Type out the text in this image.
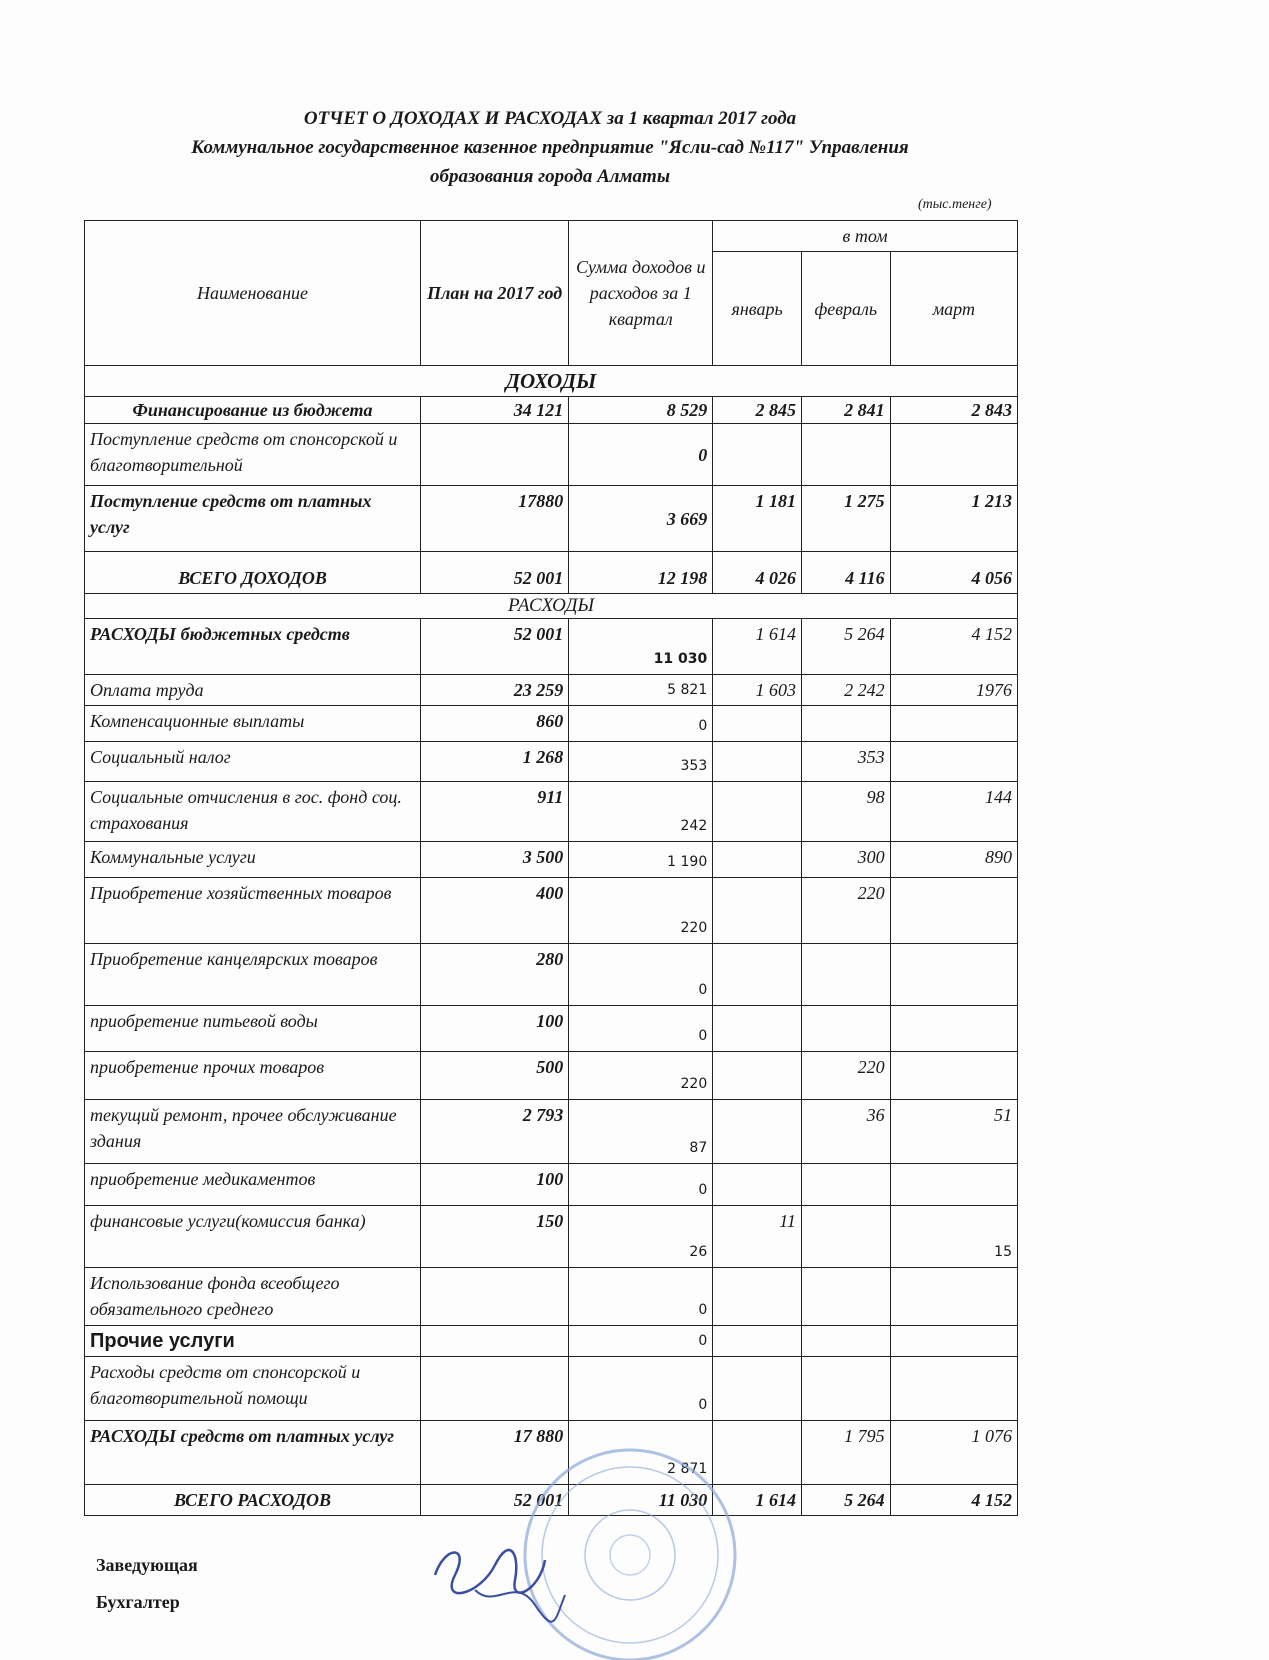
ОТЧЕТ О ДОХОДАХ И РАСХОДАХ за 1 квартал 2017 года
Коммунальное государственное казенное предприятие "Ясли-сад №117" Управления
образования города Алматы
(тыс.тенге)
Наименование	План на 2017 год	Сумма доходов и расходов за 1 квартал	в том		
			январь	февраль	март
ДОХОДЫ					
Финансирование из бюджета	34 121	8 529	2 845	2 841	2 843
Поступление средств от спонсорской и благотворительной		0			
Поступление средств от платных услуг	17880	3 669	1 181	1 275	1 213
ВСЕГО ДОХОДОВ	52 001	12 198	4 026	4 116	4 056
РАСХОДЫ					
РАСХОДЫ бюджетных средств	52 001	11 030	1 614	5 264	4 152
Оплата труда	23 259	5 821	1 603	2 242	1976
Компенсационные выплаты	860	0			
Социальный налог	1 268	353		353	
Социальные отчисления в гос. фонд соц. страхования	911	242		98	144
Коммунальные услуги	3 500	1 190		300	890
Приобретение хозяйственных товаров	400	220		220	
Приобретение канцелярских товаров	280	0			
приобретение питьевой воды	100	0			
приобретение прочих товаров	500	220		220	
текущий ремонт, прочее обслуживание здания	2 793	87		36	51
приобретение медикаментов	100	0			
финансовые услуги(комиссия банка)	150	26	11		15
Использование фонда всеобщего обязательного среднего		0			
Прочие услуги		0			
Расходы средств от спонсорской и благотворительной помощи		0			
РАСХОДЫ средств от платных услуг	17 880	2 871		1 795	1 076
ВСЕГО РАСХОДОВ	52 001	11 030	1 614	5 264	4 152
Заведующая
Бухгалтер
